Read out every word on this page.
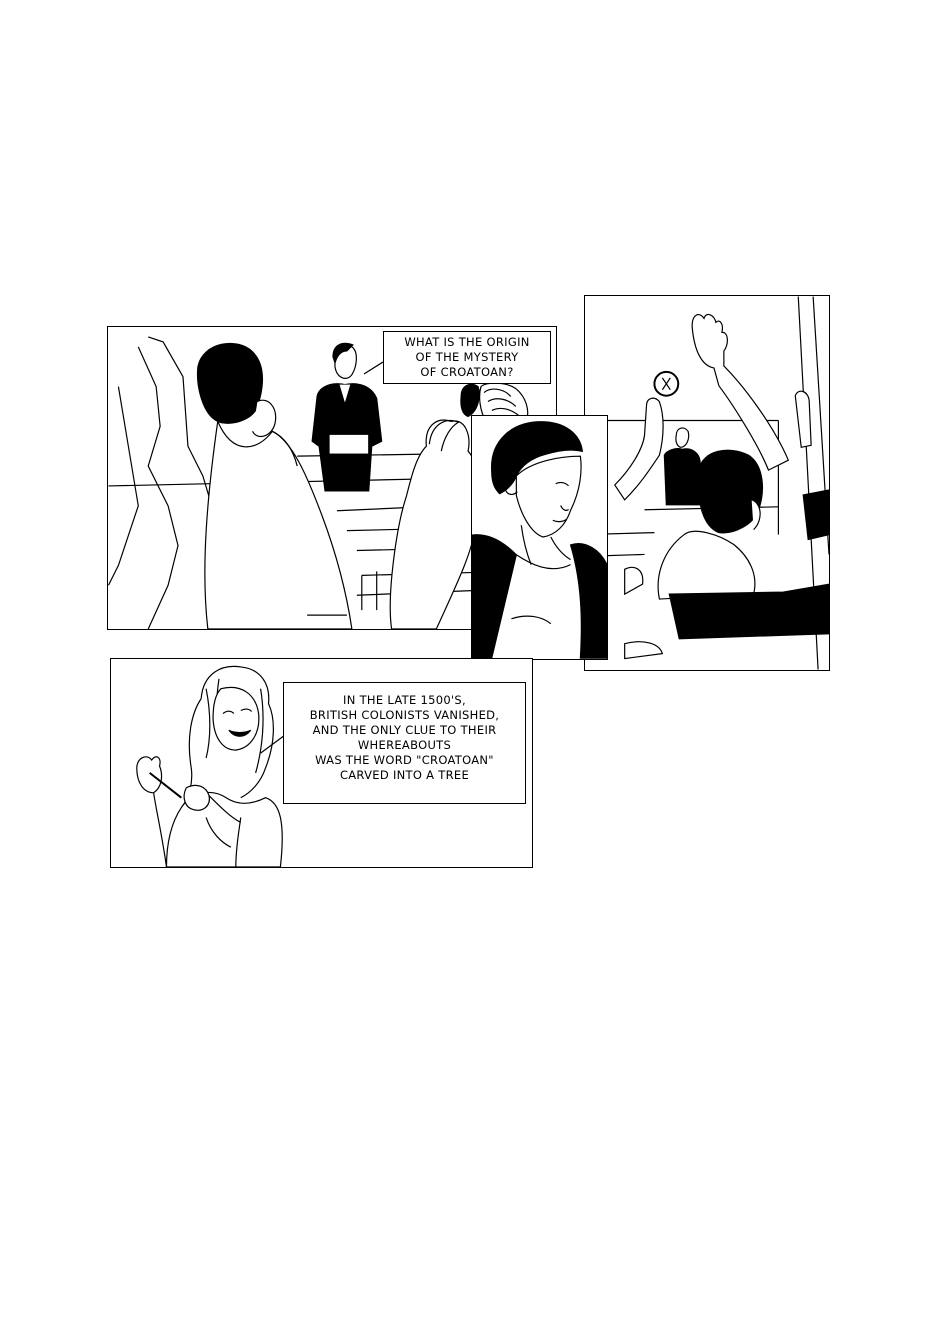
WHAT IS THE ORIGIN
OF THE MYSTERY
OF CROATOAN?
IN THE LATE 1500'S,
BRITISH COLONISTS VANISHED,
AND THE ONLY CLUE TO THEIR
WHEREABOUTS
WAS THE WORD "CROATOAN"
CARVED INTO A TREE
